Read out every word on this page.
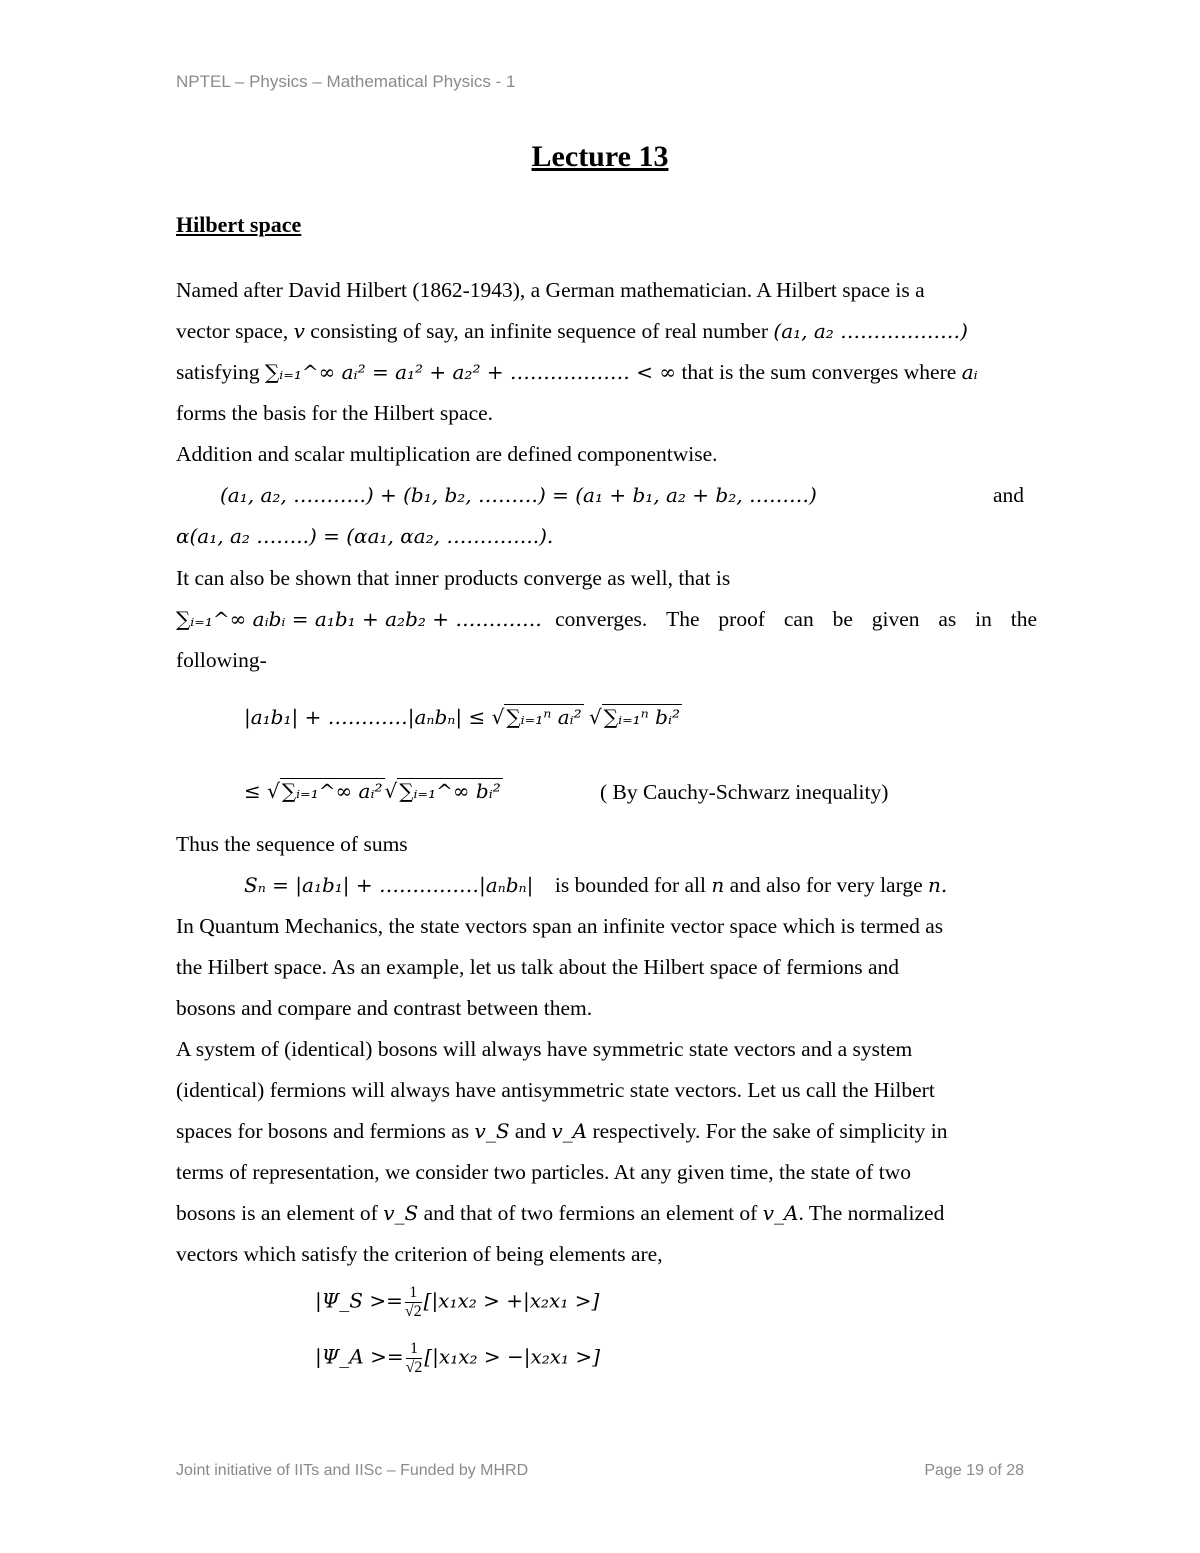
NPTEL – Physics – Mathematical Physics - 1
Lecture 13
Hilbert space
Named after David Hilbert (1862-1943), a German mathematician. A Hilbert space is a
vector space, v consisting of say, an infinite sequence of real number (a₁, a₂ ………………)
satisfying ∑ᵢ₌₁^∞ aᵢ² = a₁² + a₂² + ……………… < ∞ that is the sum converges where aᵢ
forms the basis for the Hilbert space.
Addition and scalar multiplication are defined componentwise.
(a₁, a₂, ………..) + (b₁, b₂, ………) = (a₁ + b₁, a₂ + b₂, ………)	and
α(a₁, a₂ ……..) = (αa₁, αa₂, …………..).
It can also be shown that inner products converge as well, that is
∑ᵢ₌₁^∞ aᵢbᵢ = a₁b₁ + a₂b₂ + …………. converges. The proof can be given as in the
following-
|a₁b₁| + …………|aₙbₙ| ≤ √ ∑ᵢ₌₁ⁿ aᵢ² √ ∑ᵢ₌₁ⁿ bᵢ²
≤ √ ∑ᵢ₌₁^∞ aᵢ² √ ∑ᵢ₌₁^∞ bᵢ²	( By Cauchy-Schwarz inequality)
Thus the sequence of sums
Sₙ = |a₁b₁| + ……………|aₙbₙ| is bounded for all n and also for very large n.
In Quantum Mechanics, the state vectors span an infinite vector space which is termed as
the Hilbert space. As an example, let us talk about the Hilbert space of fermions and
bosons and compare and contrast between them.
A system of (identical) bosons will always have symmetric state vectors and a system
(identical) fermions will always have antisymmetric state vectors. Let us call the Hilbert
spaces for bosons and fermions as v_S and v_A respectively. For the sake of simplicity in
terms of representation, we consider two particles. At any given time, the state of two
bosons is an element of v_S and that of two fermions an element of v_A. The normalized
vectors which satisfy the criterion of being elements are,
|Ψ_S >= $\frac{1}{√2} [|x_1x_2 > +|x_2x_1$ >]
|Ψ_A >= $\frac{1}{√2} [|x_1x_2 > -|x_2x_1$ >]
Joint initiative of IITs and IISc – Funded by MHRD	Page 19 of 28
